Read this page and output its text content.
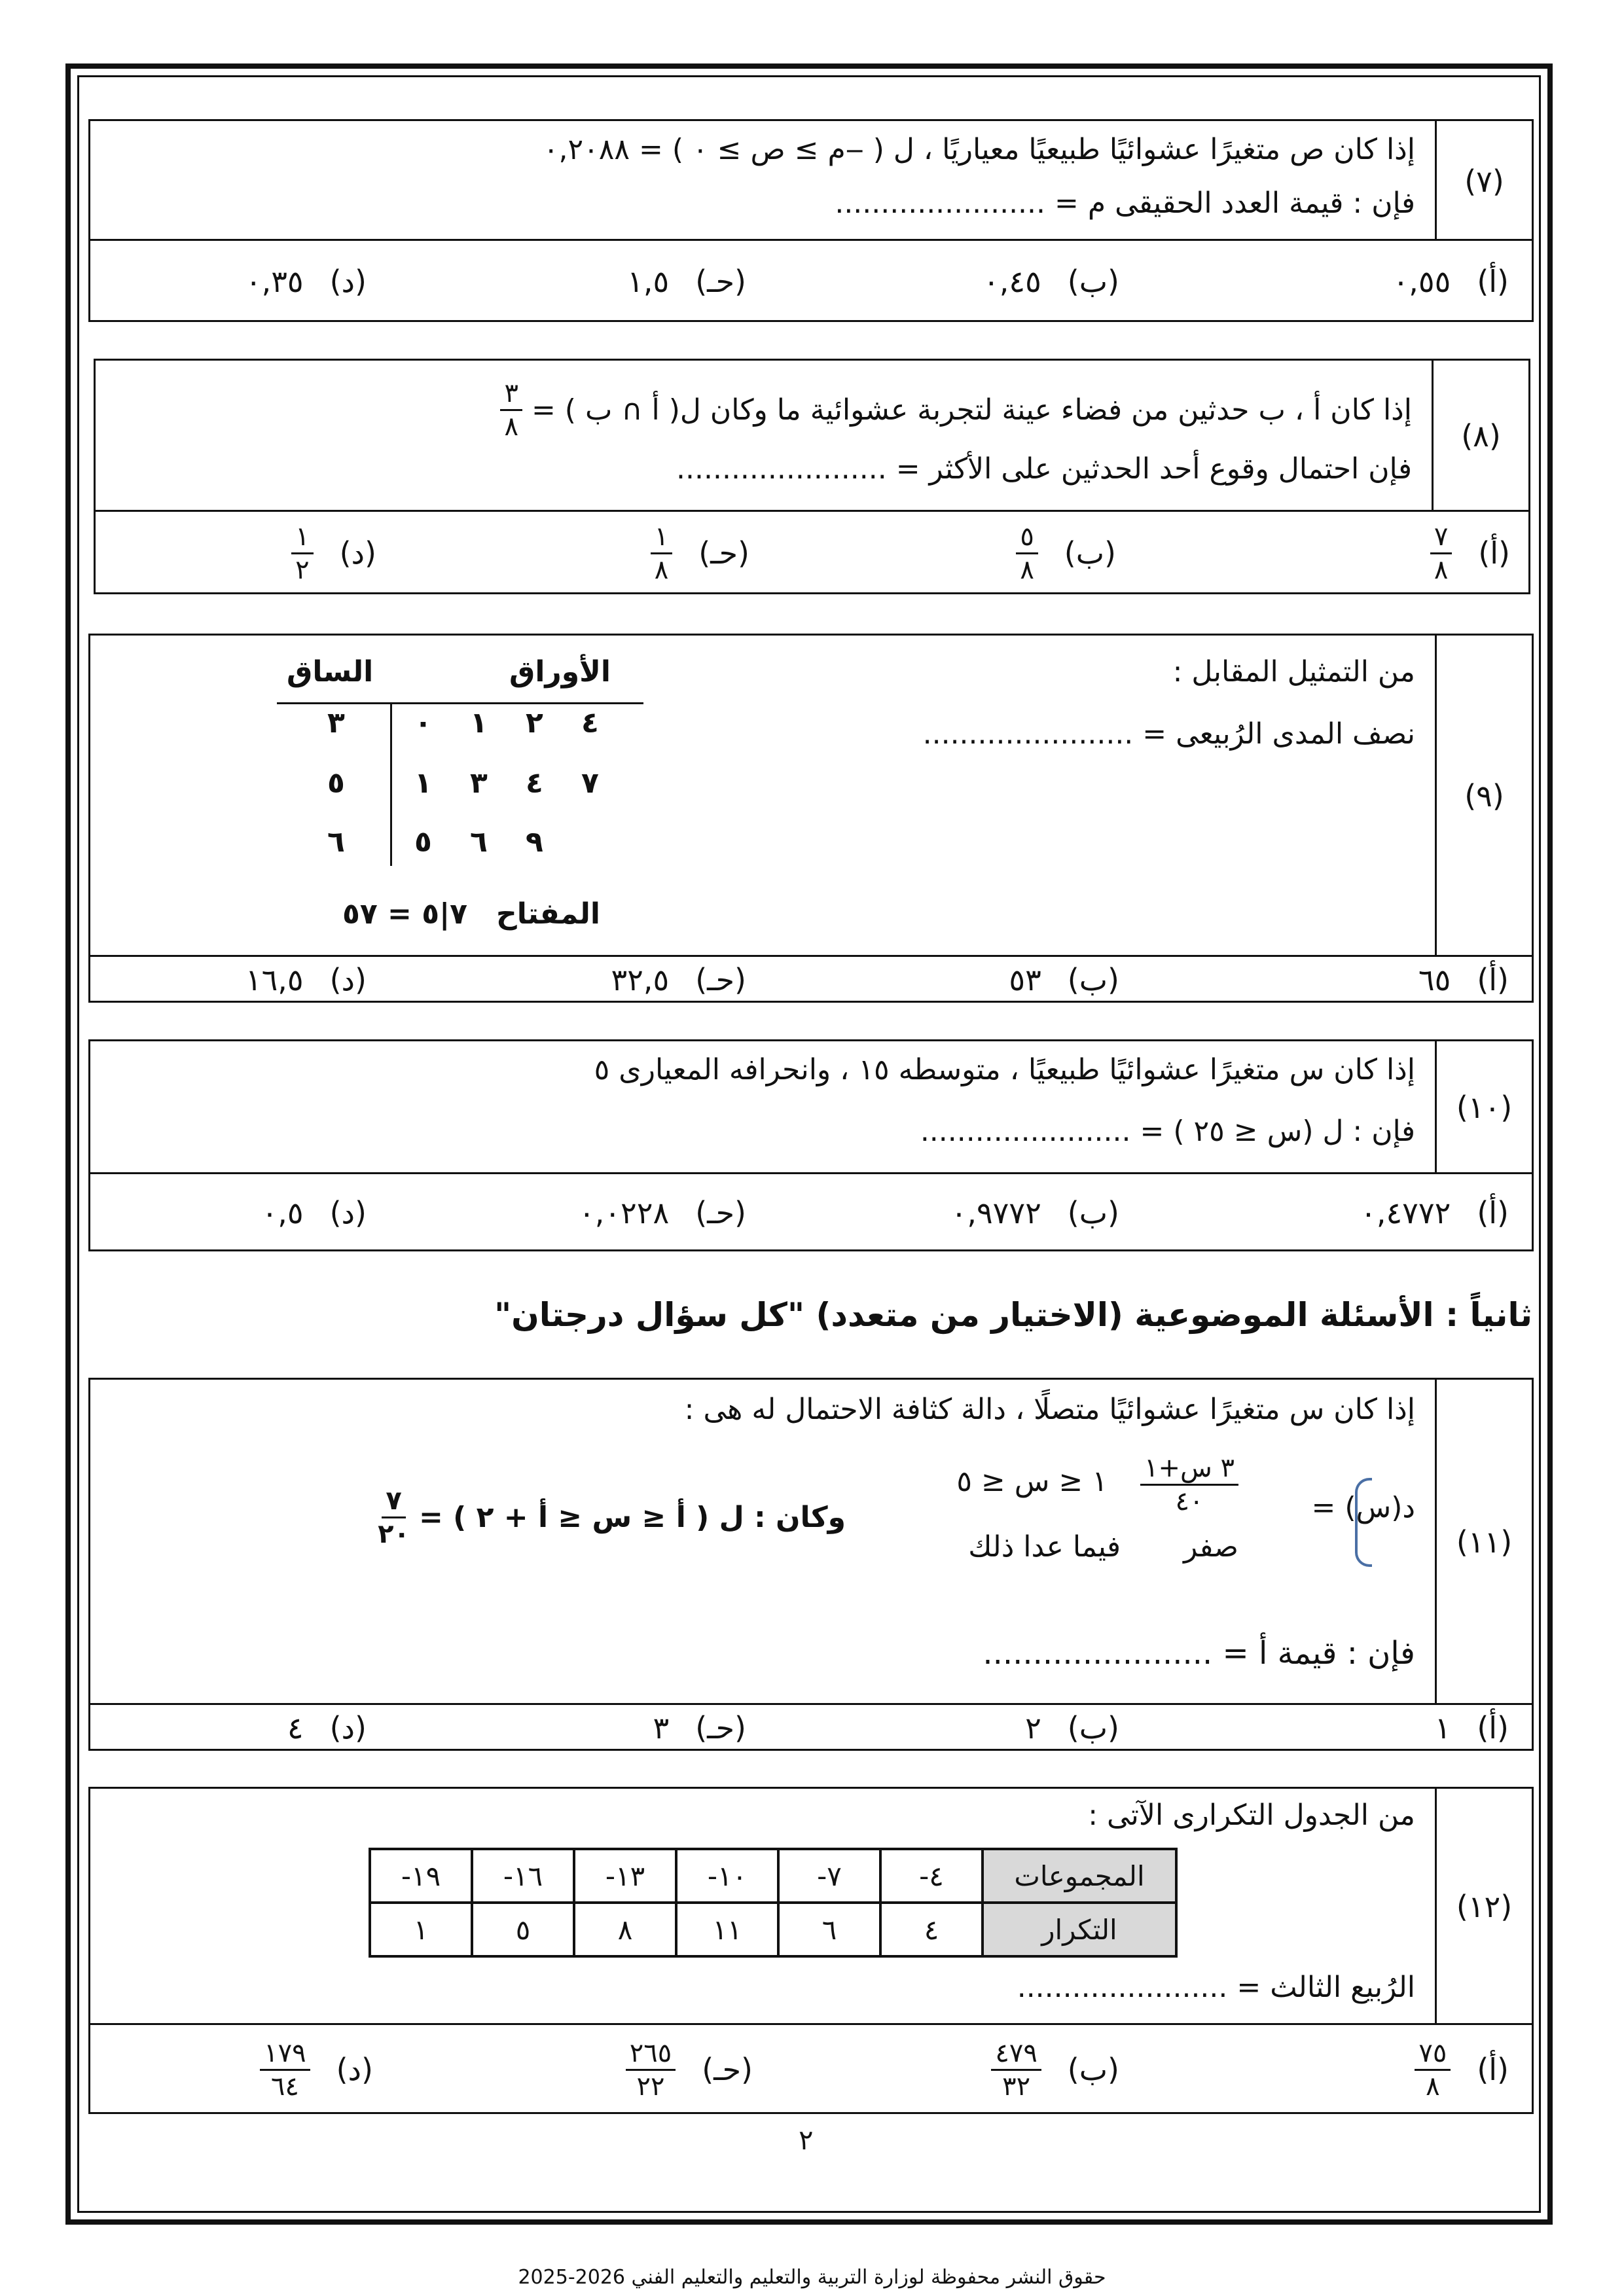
(٧)
إذا كان ص متغيرًا عشوائيًا طبيعيًا معياريًا ، ل ( ‒م ≥ ص ≥ ٠ ) = ٠,٢٠٨٨
فإن : قيمة العدد الحقيقى م = .......................
(أ)
٠,٥٥
(ب)
٠,٤٥
(حـ)
١,٥
(د)
٠,٣٥
(٨)
إذا كان أ ، ب حدثين من فضاء عينة لتجربة عشوائية ما وكان ل( أ ∩ ب ) =
$\frac{٣}{٨}$
فإن احتمال وقوع أحد الحدثين على الأكثر = .......................
(أ)
$\frac{٧}{٨}$
(ب)
$\frac{٥}{٨}$
(حـ)
$\frac{١}{٨}$
(د)
$\frac{١}{٢}$
(٩)
من التمثيل المقابل :
نصف المدى الرُبيعى = .......................
الساق	الأوراق
٣ ٠ ١ ٢ ٤
٥ ١ ٣ ٤ ٧
٦ ٥ ٦ ٩
المفتاح
٧|٥ = ٥٧
(أ)
٦٥
(ب)
٥٣
(حـ)
٣٢,٥
(د)
١٦,٥
(١٠)
إذا كان س متغيرًا عشوائيًا طبيعيًا ، متوسطه ١٥ ، وانحرافه المعيارى ٥
فإن : ل (س ≤ ٢٥ ) = .......................
(أ)
٠,٤٧٧٢
(ب)
٠,٩٧٧٢
(حـ)
٠,٠٢٢٨
(د)
٠,٥
ثانياً : الأسئلة الموضوعية (الاختيار من متعدد) "كل سؤال درجتان"
(١١)
إذا كان س متغيرًا عشوائيًا متصلًا ، دالة كثافة الاحتمال له هى :
د(س) =
$\frac{\text{٣ س+١}}{٤٠}$
١ ≤ س ≤ ٥
صفر
فيما عدا ذلك
وكان : ل ( أ ≤ س ≤ أ + ٢ ) =
$\frac{٧}{٢٠}$
فإن : قيمة أ = .......................
(أ)
١
(ب)
٢
(حـ)
٣
(د)
٤
(١٢)
من الجدول التكرارى الآتى :
الرُبيع الثالث = .......................
المجموعات	٤-	٧-	١٠-	١٣-	١٦-	١٩-
التكرار	٤	٦	١١	٨	٥	١
(أ)
$\frac{٧٥}{٨}$
(ب)
$\frac{٤٧٩}{٣٢}$
(حـ)
$\frac{٢٦٥}{٢٢}$
(د)
$\frac{١٧٩}{٦٤}$
٢
حقوق النشر محفوظة لوزارة التربية والتعليم والتعليم الفني 2026-2025
